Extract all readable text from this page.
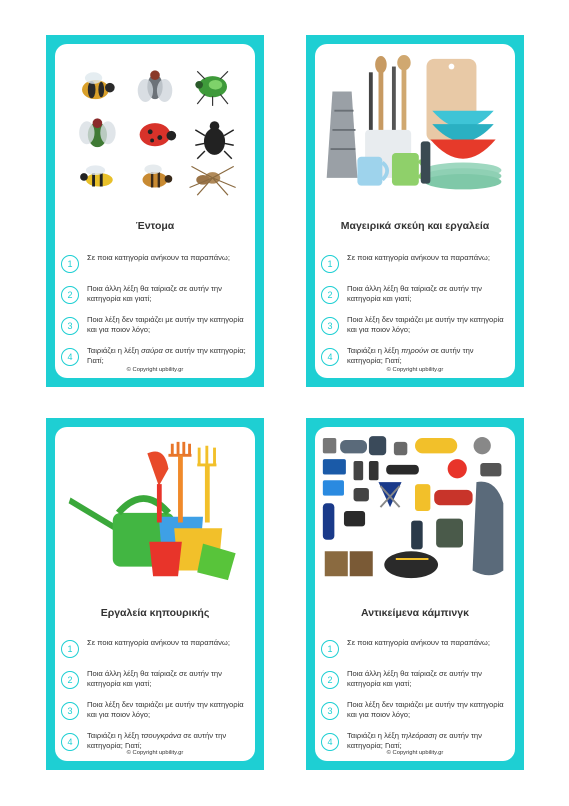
Έντομα
1
Σε ποια κατηγορία ανήκουν τα παραπάνω;
2
Ποια άλλη λέξη θα ταίριαζε σε αυτήν την κατηγορία και γιατί;
3
Ποια λέξη δεν ταιριάζει με αυτήν την κατηγορία και για ποιον λόγο;
4
Ταιριάζει η λέξη σαύρα σε αυτήν την κατηγορία; Γιατί;
© Copyright upbility.gr
Μαγειρικά σκεύη και εργαλεία
1
Σε ποια κατηγορία ανήκουν τα παραπάνω;
2
Ποια άλλη λέξη θα ταίριαζε σε αυτήν την κατηγορία και γιατί;
3
Ποια λέξη δεν ταιριάζει με αυτήν την κατηγορία και για ποιον λόγο;
4
Ταιριάζει η λέξη πηρούνι σε αυτήν την κατηγορία; Γιατί;
© Copyright upbility.gr
Εργαλεία κηπουρικής
1
Σε ποια κατηγορία ανήκουν τα παραπάνω;
2
Ποια άλλη λέξη θα ταίριαζε σε αυτήν την κατηγορία και γιατί;
3
Ποια λέξη δεν ταιριάζει με αυτήν την κατηγορία και για ποιον λόγο;
4
Ταιριάζει η λέξη τσουγκράνα σε αυτήν την κατηγορία; Γιατί;
© Copyright upbility.gr
Αντικείμενα κάμπινγκ
1
Σε ποια κατηγορία ανήκουν τα παραπάνω;
2
Ποια άλλη λέξη θα ταίριαζε σε αυτήν την κατηγορία και γιατί;
3
Ποια λέξη δεν ταιριάζει με αυτήν την κατηγορία και για ποιον λόγο;
4
Ταιριάζει η λέξη τηλεόραση σε αυτήν την κατηγορία; Γιατί;
© Copyright upbility.gr
